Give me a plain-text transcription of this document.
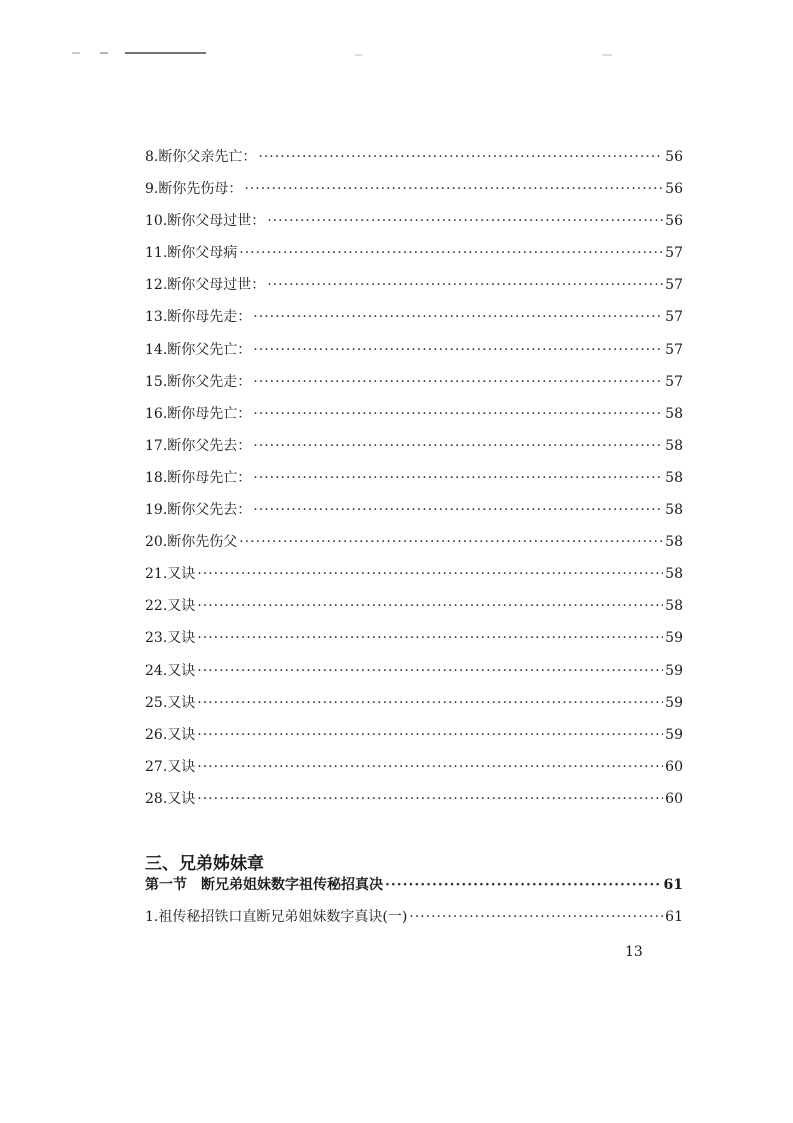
8.断你父亲先亡： ·····	56
9.断你先伤母： ·····	56
10.断你父母过世： ·····	56
11.断你父母病 ·····	57
12.断你父母过世： ·····	57
13.断你母先走： ·····	57
14.断你父先亡： ·····	57
15.断你父先走： ·····	57
16.断你母先亡： ·····	58
17.断你父先去： ·····	58
18.断你母先亡： ·····	58
19.断你父先去： ·····	58
20.断你先伤父 ·····	58
21.又诀 ·····	58
22.又诀 ·····	58
23.又诀 ·····	59
24.又诀 ·····	59
25.又诀 ·····	59
26.又诀 ·····	59
27.又诀 ·····	60
28.又诀 ·····	60
三、兄弟姊妹章
第一节　断兄弟姐妹数字祖传秘招真决 ·····	61
1.祖传秘招铁口直断兄弟姐妹数字真诀(一) ·····	61
13
